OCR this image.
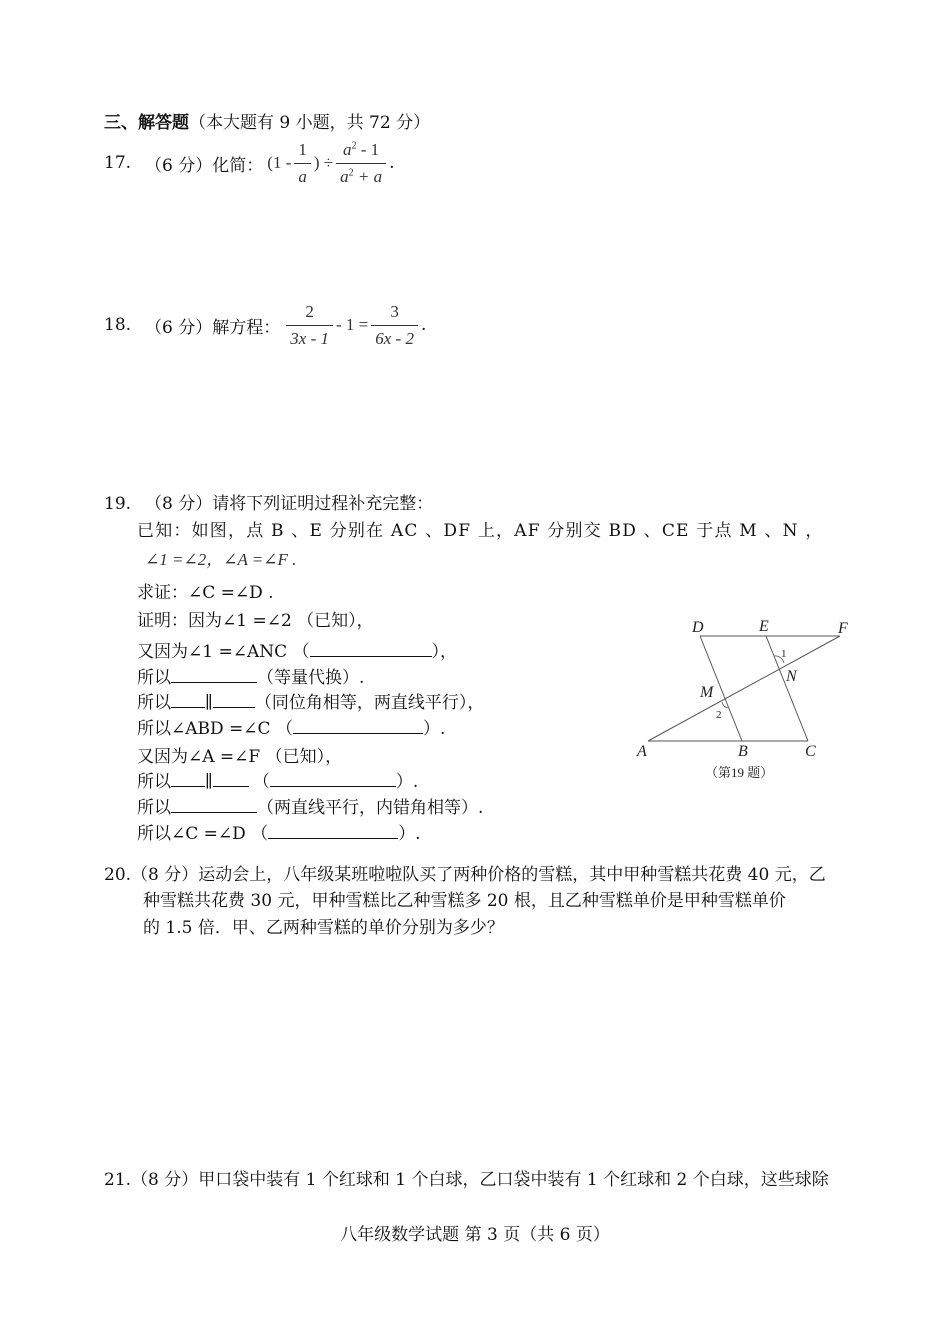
三、解答题（本大题有 9 小题，共 72 分）
17. （6 分）化简： ($1 - \frac{1}{a}$ ) ÷ $\frac{a^2 - 1}{a^2 + a}$ .
18. （6 分）解方程： $\frac{2}{3x - 1} - 1 = \frac{3}{6x - 2}$ .
19. （8 分）请将下列证明过程补充完整：
已知：如图，点 B 、E 分别在 AC 、DF 上，AF 分别交 BD 、CE 于点 M 、N ，
∠1 =∠2，∠A =∠F .
求证：∠C =∠D .
证明：因为∠1 =∠2 （已知），
又因为∠1 =∠ANC （	），
所以	（等量代换）.
所以 ∥ （同位角相等，两直线平行），
所以∠ABD =∠C （	）.
又因为∠A =∠F （已知），
所以 ∥ （	）.
所以	（两直线平行，内错角相等）.
所以∠C =∠D （	）.
D	E	F
1
N
M
2
A	B	C
（第19 题）
20.（8 分）运动会上，八年级某班啦啦队买了两种价格的雪糕，其中甲种雪糕共花费 40 元，乙
种雪糕共花费 30 元，甲种雪糕比乙种雪糕多 20 根，且乙种雪糕单价是甲种雪糕单价
的 1.5 倍．甲、乙两种雪糕的单价分别为多少？
21.（8 分）甲口袋中装有 1 个红球和 1 个白球，乙口袋中装有 1 个红球和 2 个白球，这些球除
八年级数学试题 第 3 页（共 6 页）
